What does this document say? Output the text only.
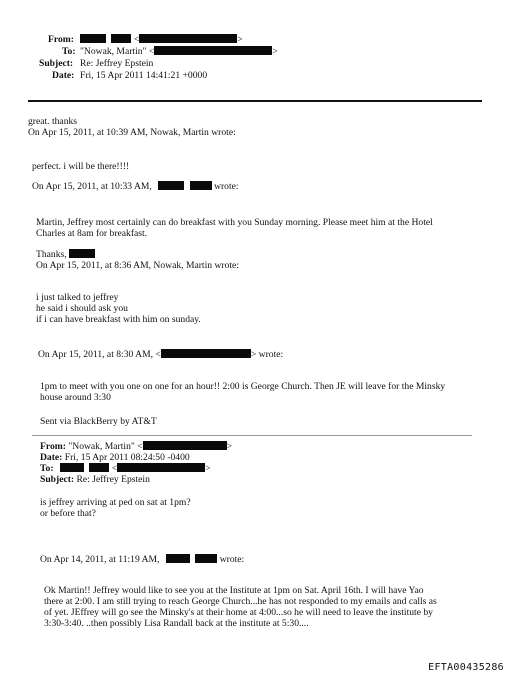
From:	<	>
To: "Nowak, Martin" <	>
Subject: Re: Jeffrey Epstein
Date: Fri, 15 Apr 2011 14:41:21 +0000
great. thanks
On Apr 15, 2011, at 10:39 AM, Nowak, Martin wrote:
perfect. i will be there!!!!
On Apr 15, 2011, at 10:33 AM,	wrote:
Martin, Jeffrey most certainly can do breakfast with you Sunday morning. Please meet him at the Hotel
Charles at 8am for breakfast.
Thanks,
On Apr 15, 2011, at 8:36 AM, Nowak, Martin wrote:
i just talked to jeffrey
he said i should ask you
if i can have breakfast with him on sunday.
On Apr 15, 2011, at 8:30 AM, <	> wrote:
1pm to meet with you one on one for an hour!! 2:00 is George Church. Then JE will leave for the Minsky
house around 3:30
Sent via BlackBerry by AT&T
From: "Nowak, Martin" <	>
Date: Fri, 15 Apr 2011 08:24:50 -0400
To:	<	>
Subject: Re: Jeffrey Epstein
is jeffrey arriving at ped on sat at 1pm?
or before that?
On Apr 14, 2011, at 11:19 AM,	wrote:
Ok Martin!! Jeffrey would like to see you at the Institute at 1pm on Sat. April 16th. I will have Yao
there at 2:00. I am still trying to reach George Church...he has not responded to my emails and calls as
of yet. JEffrey will go see the Minsky's at their home at 4:00...so he will need to leave the institute by
3:30-3:40. ..then possibly Lisa Randall back at the institute at 5:30....
EFTA00435286
